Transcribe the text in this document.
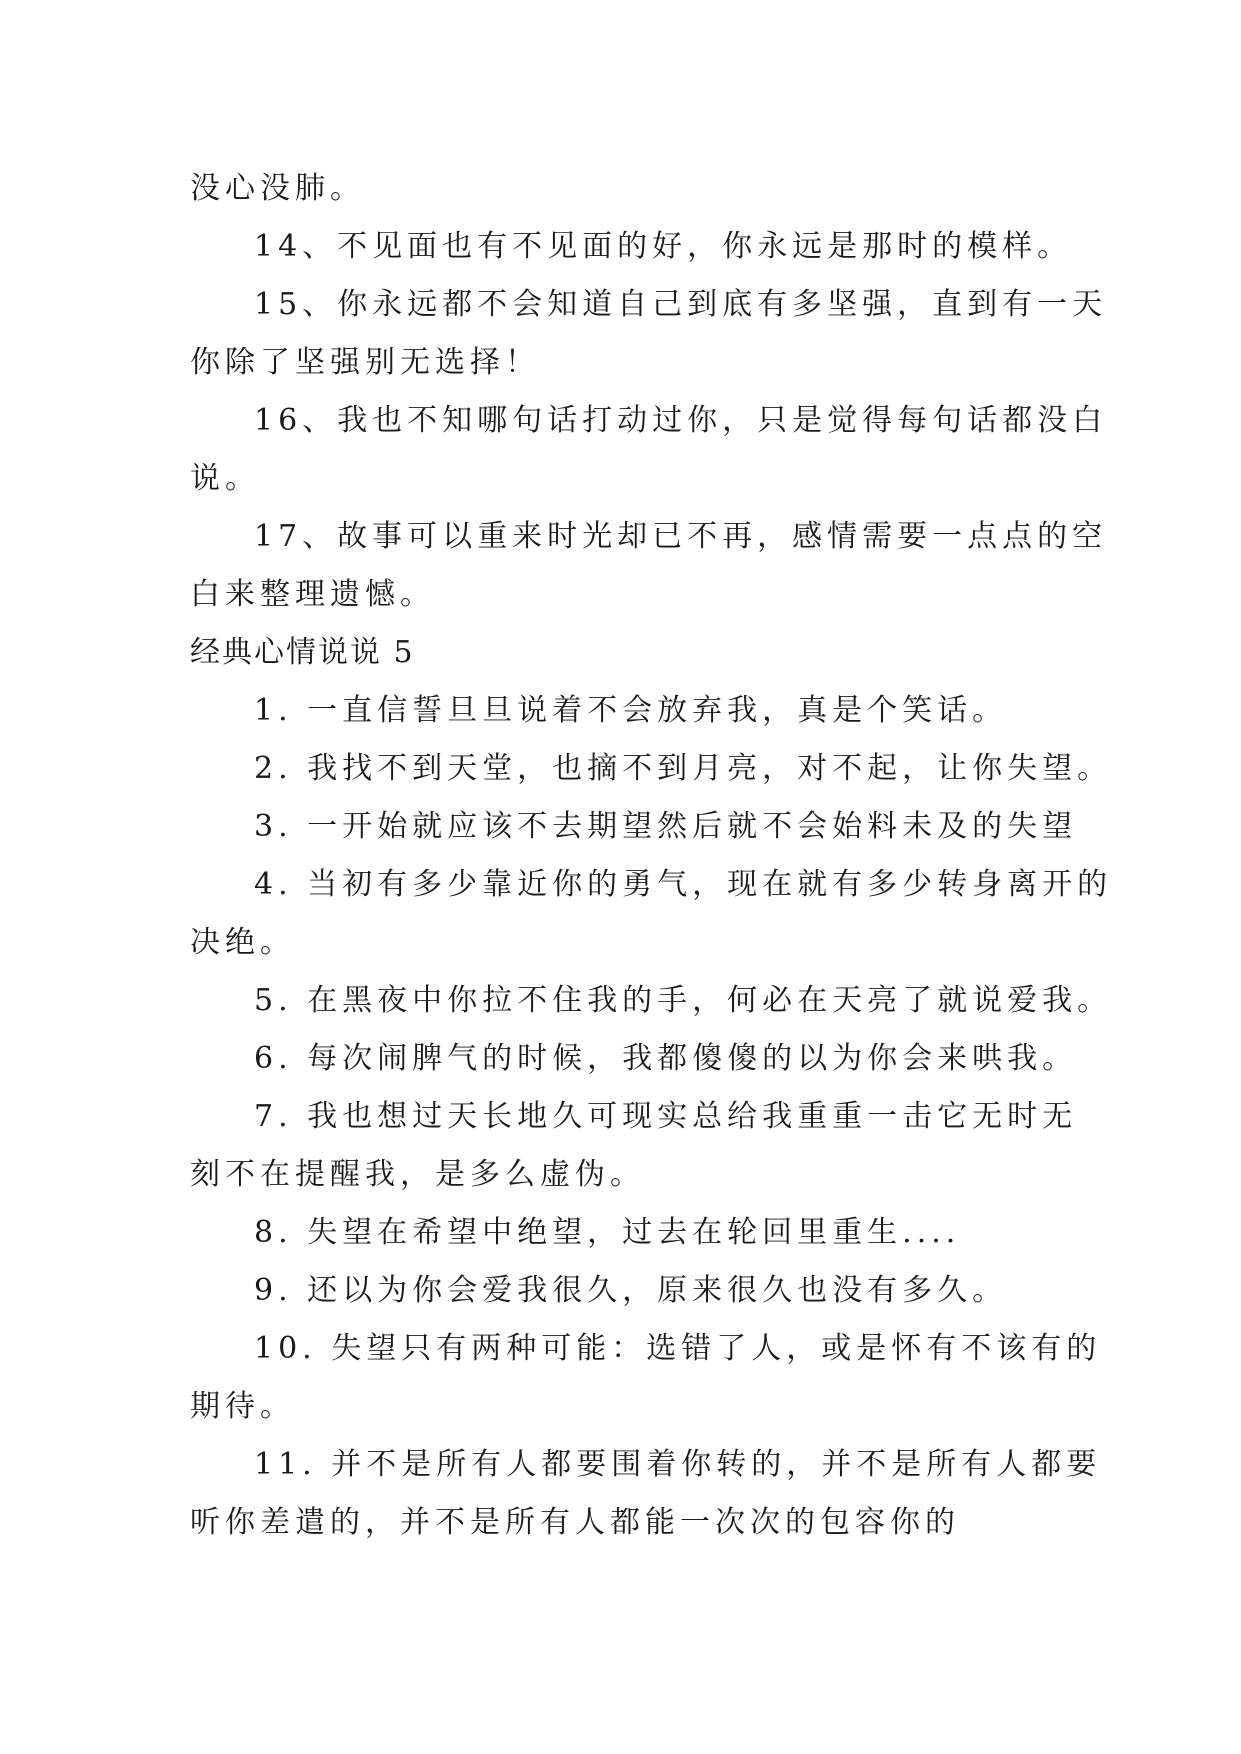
没心没肺。
14、不见面也有不见面的好，你永远是那时的模样。
15、你永远都不会知道自己到底有多坚强，直到有一天
你除了坚强别无选择！
16、我也不知哪句话打动过你，只是觉得每句话都没白
说。
17、故事可以重来时光却已不再，感情需要一点点的空
白来整理遗憾。
经典心情说说 5
1. 一直信誓旦旦说着不会放弃我，真是个笑话。
2. 我找不到天堂，也摘不到月亮，对不起，让你失望。
3. 一开始就应该不去期望然后就不会始料未及的失望
4. 当初有多少靠近你的勇气，现在就有多少转身离开的
决绝。
5. 在黑夜中你拉不住我的手，何必在天亮了就说爱我。
6. 每次闹脾气的时候，我都傻傻的以为你会来哄我。
7. 我也想过天长地久可现实总给我重重一击它无时无
刻不在提醒我，是多么虚伪。
8. 失望在希望中绝望，过去在轮回里重生....
9. 还以为你会爱我很久，原来很久也没有多久。
10. 失望只有两种可能：选错了人，或是怀有不该有的
期待。
11. 并不是所有人都要围着你转的，并不是所有人都要
听你差遣的，并不是所有人都能一次次的包容你的
